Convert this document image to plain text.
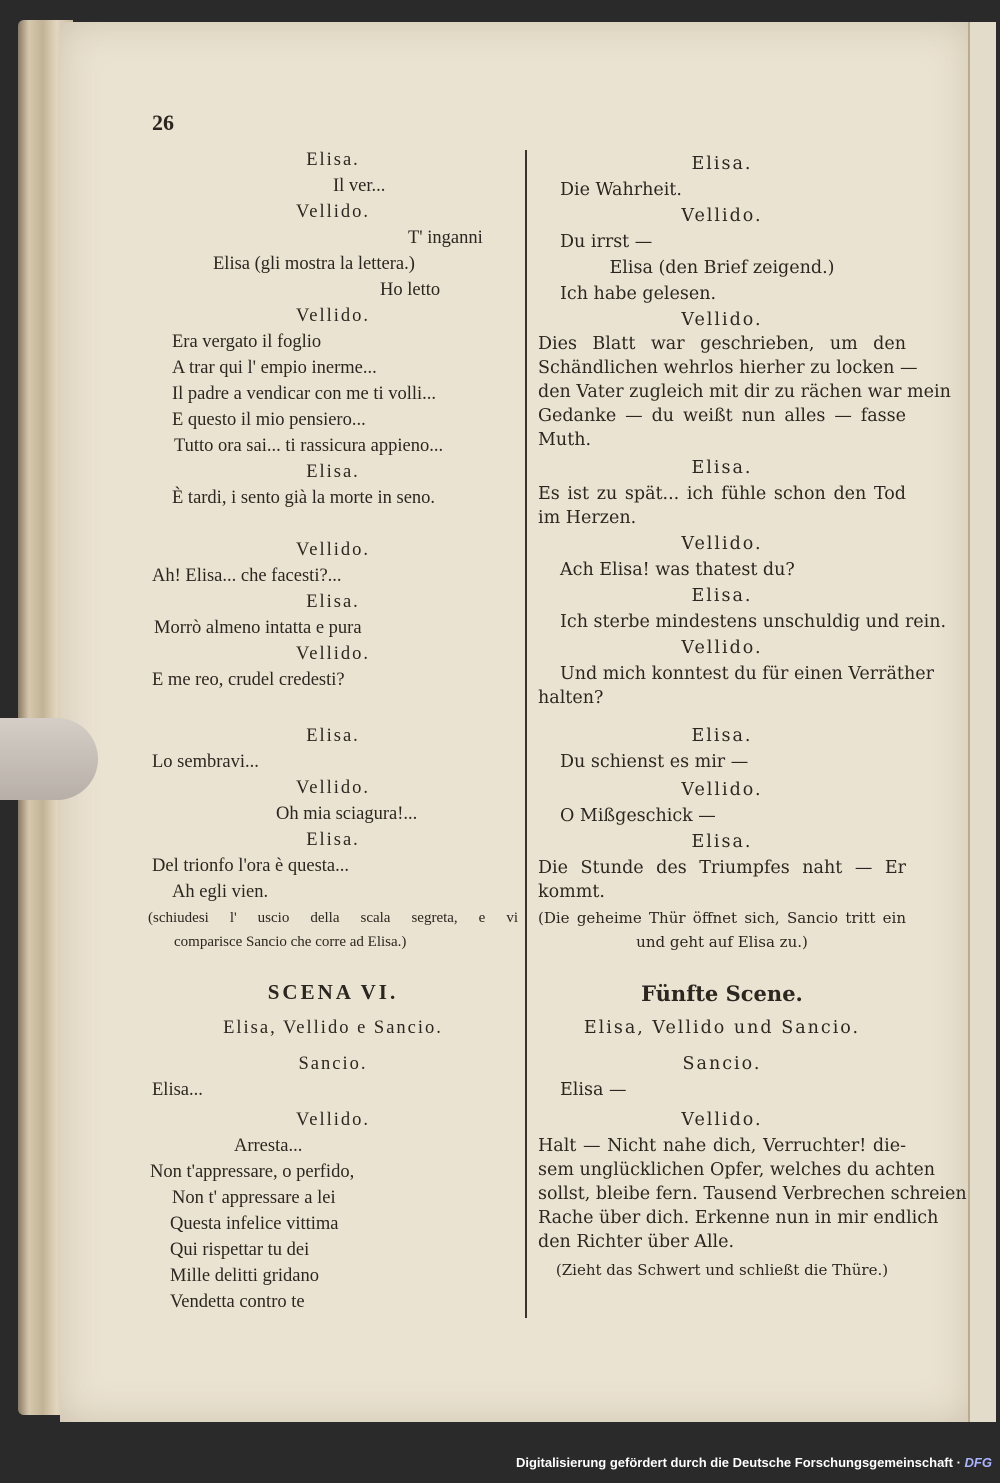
26
Elisa.
Il ver...
Vellido.
T' inganni
Elisa (gli mostra la lettera.)
Ho letto
Vellido.
Era vergato il foglio
A trar qui l' empio inerme...
Il padre a vendicar con me ti volli...
E questo il mio pensiero...
Tutto ora sai... ti rassicura appieno...
Elisa.
È tardi, i sento già la morte in seno.
Vellido.
Ah! Elisa... che facesti?...
Elisa.
Morrò almeno intatta e pura
Vellido.
E me reo, crudel credesti?
Elisa.
Lo sembravi...
Vellido.
Oh mia sciagura!...
Elisa.
Del trionfo l'ora è questa...
Ah egli vien.
(schiudesi l' uscio della scala segreta, e vi
comparisce Sancio che corre ad Elisa.)
SCENA VI.
Elisa, Vellido e Sancio.
Sancio.
Elisa...
Vellido.
Arresta...
Non t'appressare, o perfido,
Non t' appressare a lei
Questa infelice vittima
Qui rispettar tu dei
Mille delitti gridano
Vendetta contro te
Elisa.
Die Wahrheit.
Vellido.
Du irrst —
Elisa (den Brief zeigend.)
Ich habe gelesen.
Vellido.
Dies Blatt war geschrieben, um den
Schändlichen wehrlos hierher zu locken —
den Vater zugleich mit dir zu rächen war mein
Gedanke — du weißt nun alles — fasse
Muth.
Elisa.
Es ist zu spät... ich fühle schon den Tod
im Herzen.
Vellido.
Ach Elisa! was thatest du?
Elisa.
Ich sterbe mindestens unschuldig und rein.
Vellido.
Und mich konntest du für einen Verräther
halten?
Elisa.
Du schienst es mir —
Vellido.
O Mißgeschick —
Elisa.
Die Stunde des Triumpfes naht — Er
kommt.
(Die geheime Thür öffnet sich, Sancio tritt ein
und geht auf Elisa zu.)
Fünfte Scene.
Elisa, Vellido und Sancio.
Sancio.
Elisa —
Vellido.
Halt — Nicht nahe dich, Verruchter! die-
sem unglücklichen Opfer, welches du achten
sollst, bleibe fern. Tausend Verbrechen schreien
Rache über dich. Erkenne nun in mir endlich
den Richter über Alle.
(Zieht das Schwert und schließt die Thüre.)
Digitalisierung gefördert durch die Deutsche Forschungsgemeinschaft · DFG
